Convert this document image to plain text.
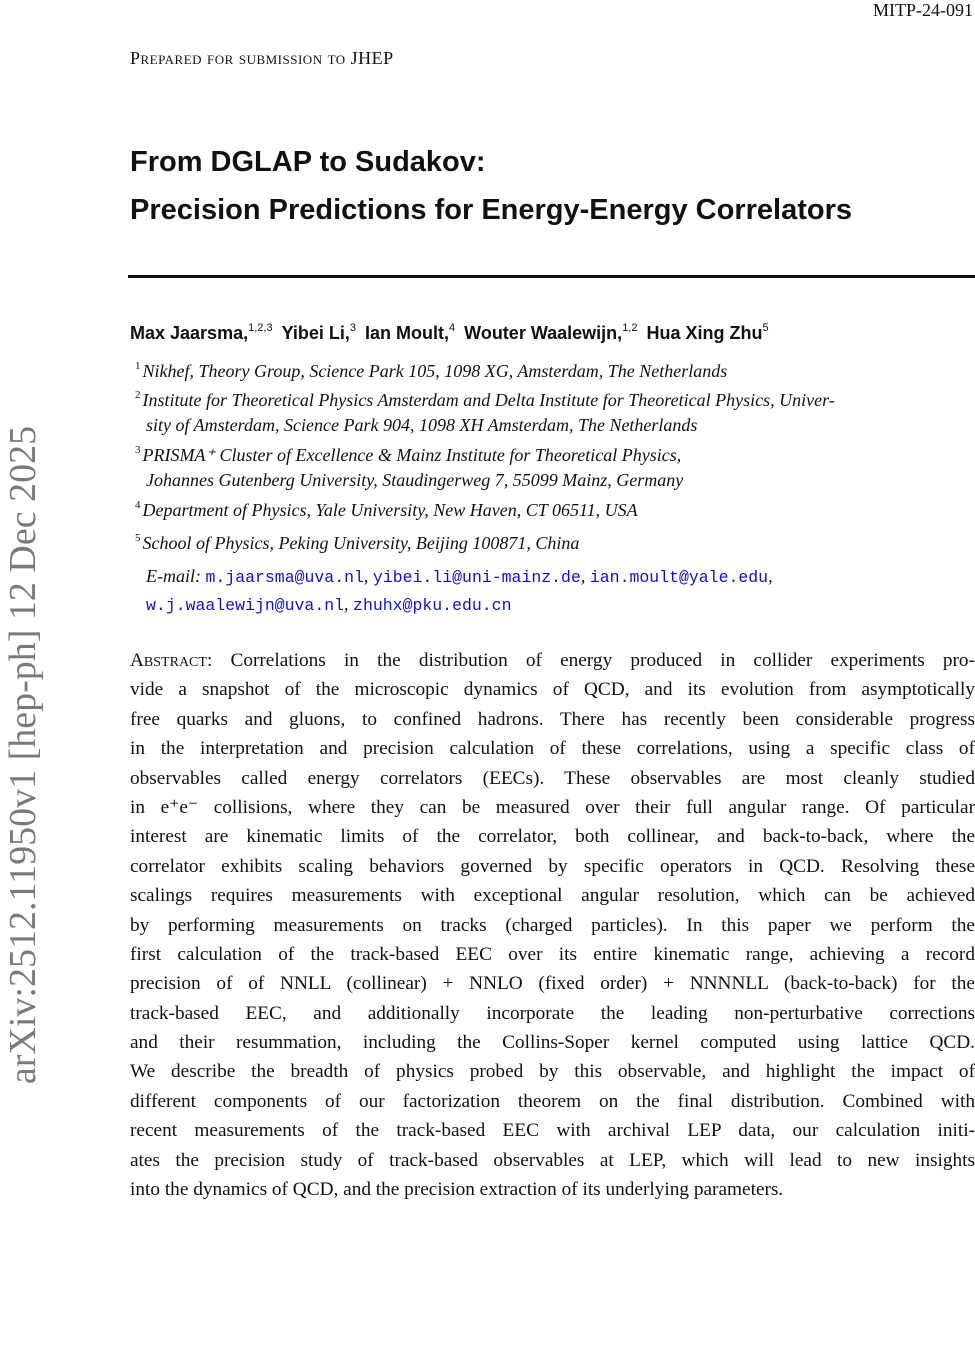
MITP-24-091
Prepared for submission to JHEP
From DGLAP to Sudakov:
Precision Predictions for Energy-Energy Correlators
Max Jaarsma,$^{1,2,3}$  Yibei Li,$^3$  Ian Moult,$^4$  Wouter Waalewijn,$^{1,2}$  Hua Xing Zhu$^5$
$^1$ Nikhef, Theory Group, Science Park 105, 1098 XG, Amsterdam, The Netherlands
$^2$ Institute for Theoretical Physics Amsterdam and Delta Institute for Theoretical Physics, Univer-
sity of Amsterdam, Science Park 904, 1098 XH Amsterdam, The Netherlands
$^3$ PRISMA⁺ Cluster of Excellence & Mainz Institute for Theoretical Physics,
Johannes Gutenberg University, Staudingerweg 7, 55099 Mainz, Germany
$^4$ Department of Physics, Yale University, New Haven, CT 06511, USA
$^5$ School of Physics, Peking University, Beijing 100871, China
E-mail: m.jaarsma@uva.nl, yibei.li@uni-mainz.de, ian.moult@yale.edu,
w.j.waalewijn@uva.nl, zhuhx@pku.edu.cn
arXiv:2512.11950v1 [hep-ph] 12 Dec 2025	Abstract: Correlations in the distribution of energy produced in collider experiments pro-
vide a snapshot of the microscopic dynamics of QCD, and its evolution from asymptotically
free quarks and gluons, to confined hadrons. There has recently been considerable progress
in the interpretation and precision calculation of these correlations, using a specific class of
observables called energy correlators (EECs). These observables are most cleanly studied
in e⁺e⁻ collisions, where they can be measured over their full angular range. Of particular
interest are kinematic limits of the correlator, both collinear, and back-to-back, where the
correlator exhibits scaling behaviors governed by specific operators in QCD. Resolving these
scalings requires measurements with exceptional angular resolution, which can be achieved
by performing measurements on tracks (charged particles). In this paper we perform the
first calculation of the track-based EEC over its entire kinematic range, achieving a record
precision of of NNLL (collinear) + NNLO (fixed order) + NNNNLL (back-to-back) for the
track-based EEC, and additionally incorporate the leading non-perturbative corrections
and their resummation, including the Collins-Soper kernel computed using lattice QCD.
We describe the breadth of physics probed by this observable, and highlight the impact of
different components of our factorization theorem on the final distribution. Combined with
recent measurements of the track-based EEC with archival LEP data, our calculation initi-
ates the precision study of track-based observables at LEP, which will lead to new insights
into the dynamics of QCD, and the precision extraction of its underlying parameters.
